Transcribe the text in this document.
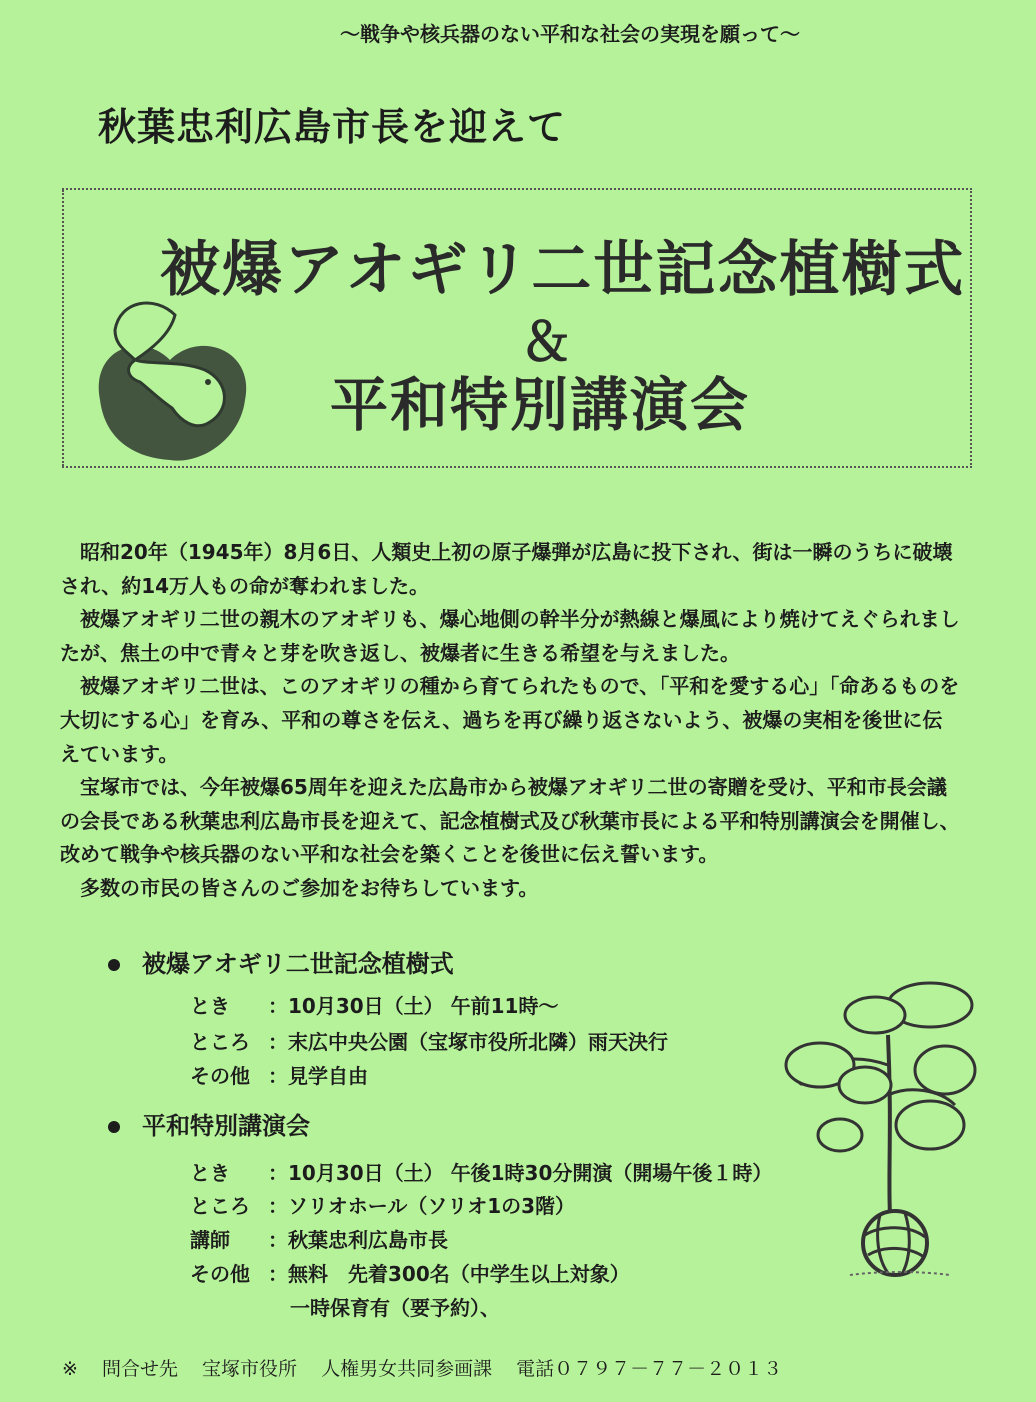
～戦争や核兵器のない平和な社会の実現を願って～
秋葉忠利広島市長を迎えて
被爆アオギリ二世記念植樹式
＆
平和特別講演会

昭和20年（1945年）8月6日、人類史上初の原子爆弾が広島に投下され、街は一瞬のうちに破壊され、約14万人もの命が奪われました。

被爆アオギリ二世の親木のアオギリも、爆心地側の幹半分が熱線と爆風により焼けてえぐられましたが、焦土の中で青々と芽を吹き返し、被爆者に生きる希望を与えました。

被爆アオギリ二世は、このアオギリの種から育てられたもので、「平和を愛する心」「命あるものを大切にする心」を育み、平和の尊さを伝え、過ちを再び繰り返さないよう、被爆の実相を後世に伝えています。

宝塚市では、今年被爆65周年を迎えた広島市から被爆アオギリ二世の寄贈を受け、平和市長会議の会長である秋葉忠利広島市長を迎えて、記念植樹式及び秋葉市長による平和特別講演会を開催し、改めて戦争や核兵器のない平和な社会を築くことを後世に伝え誓います。

多数の市民の皆さんのご参加をお待ちしています。

被爆アオギリ二世記念植樹式
とき ：10月30日（土） 午前11時～
ところ ：末広中央公園（宝塚市役所北隣）雨天決行
その他 ：見学自由
平和特別講演会
とき ：10月30日（土） 午後1時30分開演（開場午後１時）
ところ ：ソリオホール（ソリオ1の3階）
講師 ：秋葉忠利広島市長
その他 ：無料　先着300名（中学生以上対象）
一時保育有（要予約）、
※ 問合せ先 宝塚市役所 人権男女共同参画課 電話０７９７－７７－２０１３
